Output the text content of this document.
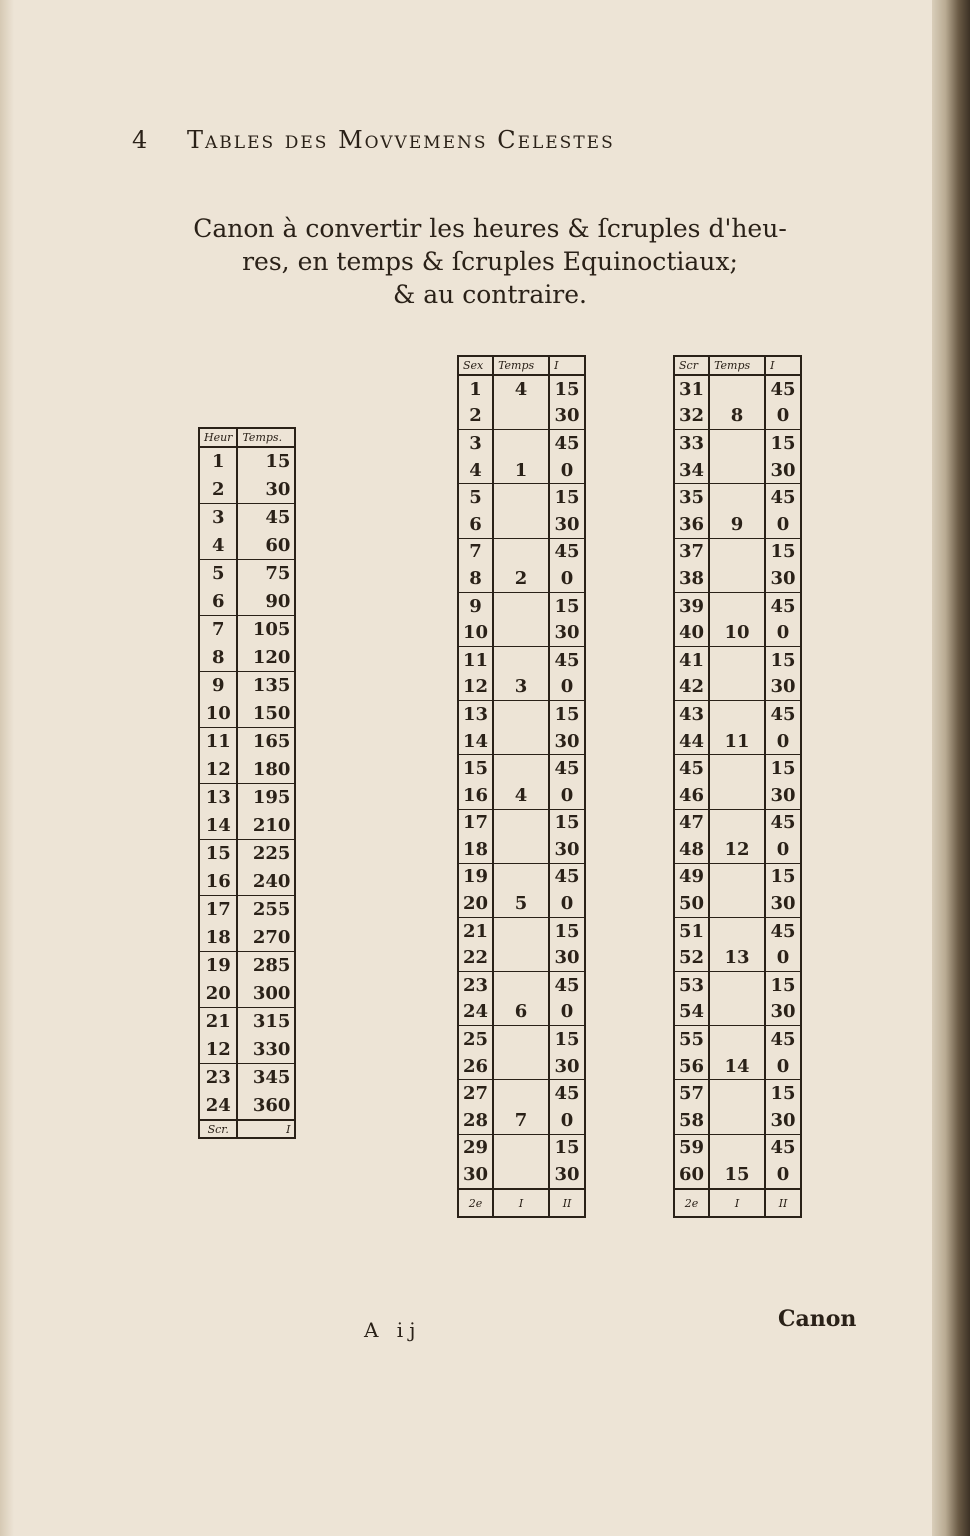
4 Tables des Movvemens Celestes
Canon à convertir les heures & ſcruples d'heu-
res, en temps & ſcruples Equinoctiaux;
& au contraire.
Heur	Temps.
1	15
2	30
3	45
4	60
5	75
6	90
7	105
8	120
9	135
10	150
11	165
12	180
13	195
14	210
15	225
16	240
17	255
18	270
19	285
20	300
21	315
12	330
23	345
24	360
Scr.	I
Sex	Temps	I
1	4	15
2		30
3		45
4	1	0
5		15
6		30
7		45
8	2	0
9		15
10		30
11		45
12	3	0
13		15
14		30
15		45
16	4	0
17		15
18		30
19		45
20	5	0
21		15
22		30
23		45
24	6	0
25		15
26		30
27		45
28	7	0
29		15
30		30
2e	I	II
Scr	Temps	I
31		45
32	8	0
33		15
34		30
35		45
36	9	0
37		15
38		30
39		45
40	10	0
41		15
42		30
43		45
44	11	0
45		15
46		30
47		45
48	12	0
49		15
50		30
51		45
52	13	0
53		15
54		30
55		45
56	14	0
57		15
58		30
59		45
60	15	0
2e	I	II
A ij	Canon
